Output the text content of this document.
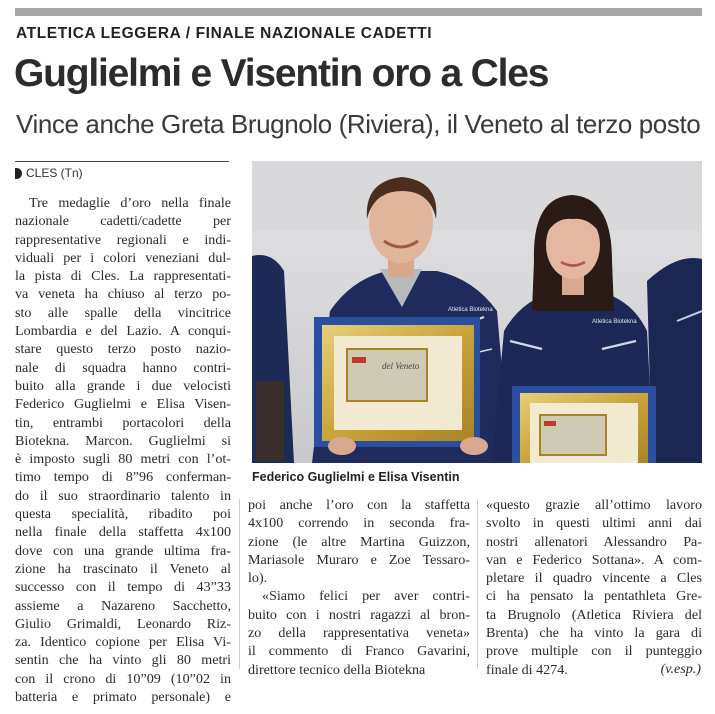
ATLETICA LEGGERA / FINALE NAZIONALE CADETTI
Guglielmi e Visentin oro a Cles
Vince anche Greta Brugnolo (Riviera), il Veneto al terzo posto
CLES (Tn)
Tre medaglie d’oro nella finale
nazionale cadetti/cadette per
rappresentative regionali e indi-
viduali per i colori veneziani dul-
la pista di Cles. La rappresentati-
va veneta ha chiuso al terzo po-
sto alle spalle della vincitrice
Lombardia e del Lazio. A conqui-
stare questo terzo posto nazio-
nale di squadra hanno contri-
buito alla grande i due velocisti
Federico Guglielmi e Elisa Visen-
tin, entrambi portacolori della
Biotekna. Marcon. Guglielmi si
è imposto sugli 80 metri con l’ot-
timo tempo di 8”96 conferman-
do il suo straordinario talento in
questa specialità, ribadito poi
nella finale della staffetta 4x100
dove con una grande ultima fra-
zione ha trascinato il Veneto al
successo con il tempo di 43”33
assieme a Nazareno Sacchetto,
Giulio Grimaldi, Leonardo Riz-
za. Identico copione per Elisa Vi-
sentin che ha vinto gli 80 metri
con il crono di 10”09 (10”02 in
batteria e primato personale) e
del Veneto
Atletica Biotekna
Atletica Biotekna
Federico Guglielmi e Elisa Visentin
poi anche l’oro con la staffetta
4x100 correndo in seconda fra-
zione (le altre Martina Guizzon,
Mariasole Muraro e Zoe Tessaro-
lo).
«Siamo felici per aver contri-
buito con i nostri ragazzi al bron-
zo della rappresentativa veneta»
il commento di Franco Gavarini,
direttore tecnico della Biotekna
«questo grazie all’ottimo lavoro
svolto in questi ultimi anni dai
nostri allenatori Alessandro Pa-
van e Federico Sottana». A com-
pletare il quadro vincente a Cles
ci ha pensato la pentathleta Gre-
ta Brugnolo (Atletica Riviera del
Brenta) che ha vinto la gara di
prove multiple con il punteggio
finale di 4274.	(v.esp.)
